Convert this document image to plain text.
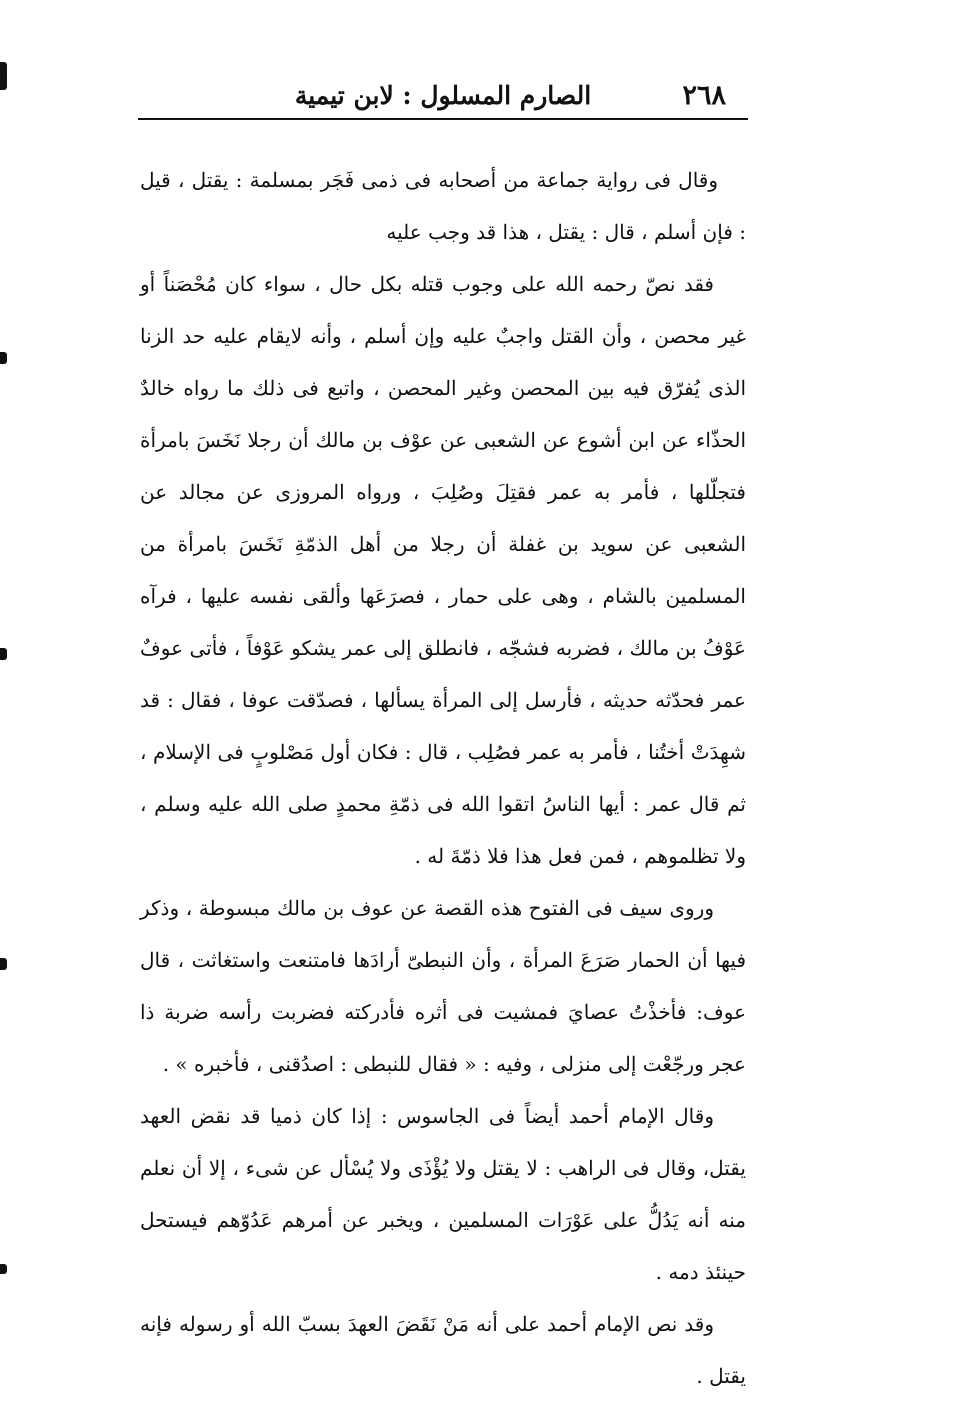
٢٦٨
الصارم المسلول : لابن تيمية

وقال فى رواية جماعة من أصحابه فى ذمى فَجَر بمسلمة : يقتل ، قيل : فإن أسلم ، قال : يقتل ، هذا قد وجب عليه

فقد نصّ رحمه الله على وجوب قتله بكل حال ، سواء كان مُحْصَناً أو غير محصن ، وأن القتل واجبٌ عليه وإن أسلم ، وأنه لايقام عليه حد الزنا الذى يُفرّق فيه بين المحصن وغير المحصن ، واتبع فى ذلك ما رواه خالدٌ الحذّاء عن ابن أشوع عن الشعبى عن عوْف بن مالك أن رجلا نَخَسَ بامرأة فتجلّلها ، فأمر به عمر فقتِلَ وصُلِبَ ، ورواه المروزى عن مجالد عن الشعبى عن سويد بن غفلة أن رجلا من أهل الذمّةِ نَخَسَ بامرأة من المسلمين بالشام ، وهى على حمار ، فصرَعَها وألقى نفسه عليها ، فرآه عَوْفُ بن مالك ، فضربه فشجّه ، فانطلق إلى عمر يشكو عَوْفاً ، فأتى عوفٌ عمر فحدّثه حديثه ، فأرسل إلى المرأة يسألها ، فصدّقت عوفا ، فقال : قد شهِدَتْ أختُنا ، فأمر به عمر فصُلِب ، قال : فكان أول مَصْلوبٍ فى الإسلام ، ثم قال عمر : أيها الناسُ اتقوا الله فى ذمّةِ محمدٍ صلى الله عليه وسلم ، ولا تظلموهم ، فمن فعل هذا فلا ذمّةَ له .

وروى سيف فى الفتوح هذه القصة عن عوف بن مالك مبسوطة ، وذكر فيها أن الحمار صَرَعَ المرأة ، وأن النبطىّ أرادَها فامتنعت واستغاثت ، قال عوف: فأخذْتُ عصايَ فمشيت فى أثره فأدركته فضربت رأسه ضربة ذا عجر ورجّعْت إلى منزلى ، وفيه : « فقال للنبطى : اصدُقنى ، فأخبره » .

وقال الإمام أحمد أيضاً فى الجاسوس : إذا كان ذميا قد نقض العهد يقتل، وقال فى الراهب : لا يقتل ولا يُؤْذَى ولا يُسْأل عن شىء ، إلا أن نعلم منه أنه يَدُلُّ على عَوْرَات المسلمين ، ويخبر عن أمرهم عَدُوّهم فيستحل حينئذ دمه .

وقد نص الإمام أحمد على أنه مَنْ نَقَضَ العهدَ بسبّ الله أو رسوله فإنه يقتل .
